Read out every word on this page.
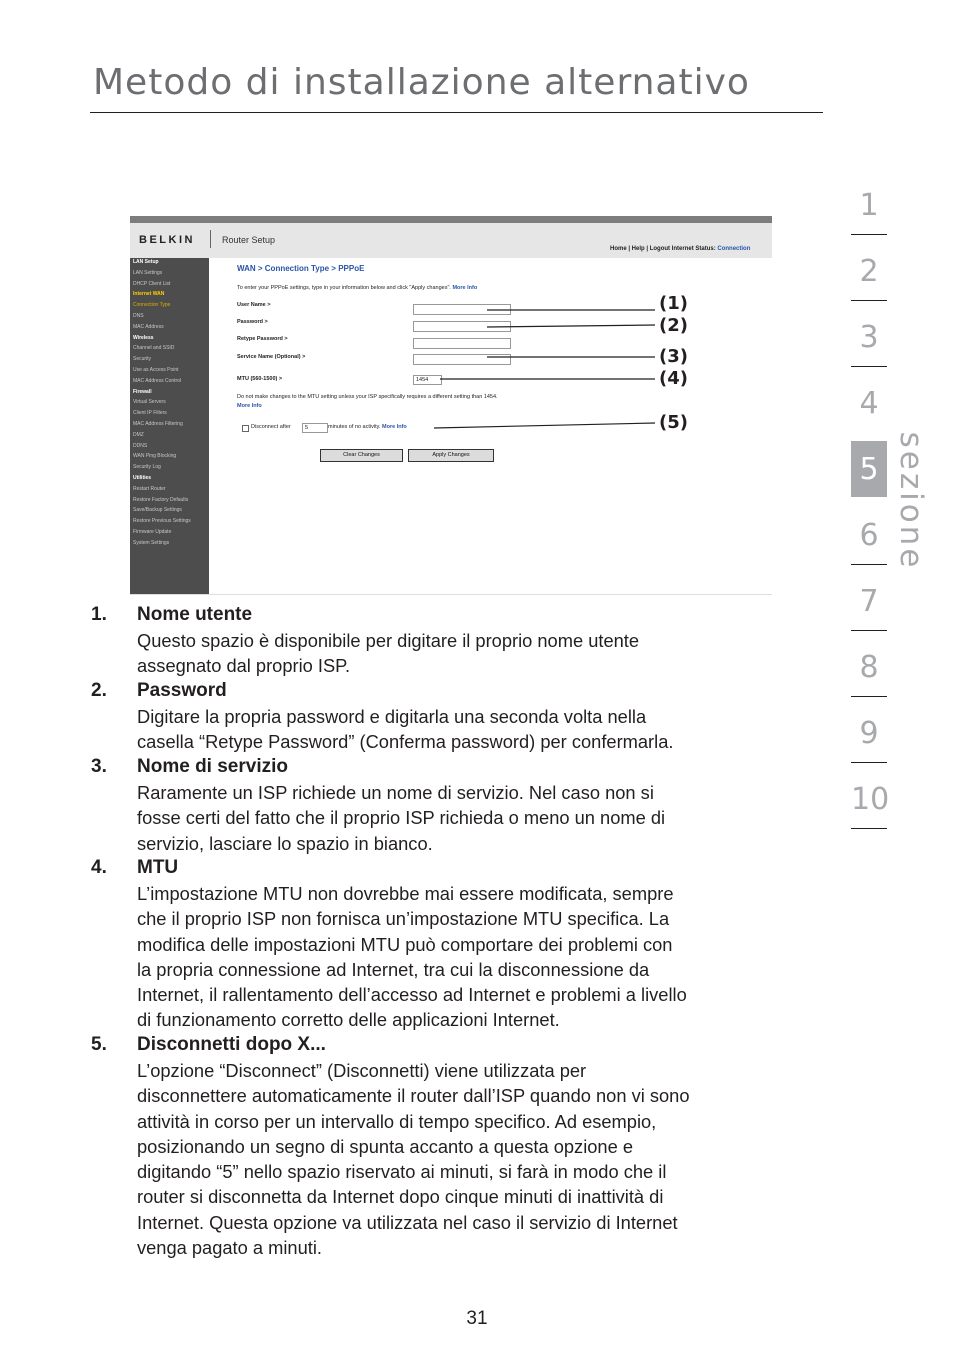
Metodo di installazione alternativo
1
2
3
4
5
6
7
8
9
10
sezione
BELKIN	Router Setup
Home | Help | Logout Internet Status: Connection
LAN Setup
LAN Settings
DHCP Client List
Internet WAN
Connection Type
DNS
MAC Address
Wireless
Channel and SSID
Security
Use as Access Point
MAC Address Control
Firewall
Virtual Servers
Client IP Filters
MAC Address Filtering
DMZ
DDNS
WAN Ping Blocking
Security Log
Utilities
Restart Router
Restore Factory Defaults
Save/Backup Settings
Restore Previous Settings
Firmware Update
System Settings
WAN > Connection Type > PPPoE
To enter your PPPoE settings, type in your information below and click "Apply changes". More Info
User Name >
Password >
Retype Password >
Service Name (Optional) >
MTU (560-1500) >	1454
Do not make changes to the MTU setting unless your ISP specifically requires a different setting than 1454.
More Info
Disconnect after	5	minutes of no activity. More Info
Clear Changes	Apply Changes
(1)
(2)
(3)
(4)
(5)
1. Nome utente
Questo spazio è disponibile per digitare il proprio nome utente
assegnato dal proprio ISP.
2. Password
Digitare la propria password e digitarla una seconda volta nella
casella “Retype Password” (Conferma password) per confermarla.
3. Nome di servizio
Raramente un ISP richiede un nome di servizio. Nel caso non si
fosse certi del fatto che il proprio ISP richieda o meno un nome di
servizio, lasciare lo spazio in bianco.
4. MTU
L’impostazione MTU non dovrebbe mai essere modificata, sempre
che il proprio ISP non fornisca un’impostazione MTU specifica. La
modifica delle impostazioni MTU può comportare dei problemi con
la propria connessione ad Internet, tra cui la disconnessione da
Internet, il rallentamento dell’accesso ad Internet e problemi a livello
di funzionamento corretto delle applicazioni Internet.
5. Disconnetti dopo X...
L’opzione “Disconnect” (Disconnetti) viene utilizzata per
disconnettere automaticamente il router dall’ISP quando non vi sono
attività in corso per un intervallo di tempo specifico. Ad esempio,
posizionando un segno di spunta accanto a questa opzione e
digitando “5” nello spazio riservato ai minuti, si farà in modo che il
router si disconnetta da Internet dopo cinque minuti di inattività di
Internet. Questa opzione va utilizzata nel caso il servizio di Internet
venga pagato a minuti.
31
